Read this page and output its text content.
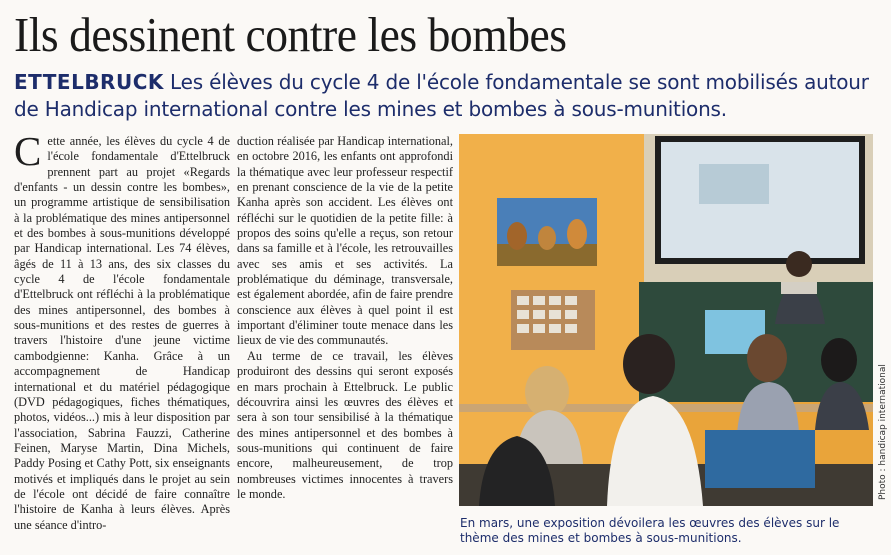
Ils dessinent contre les bombes

ETTELBRUCK Les élèves du cycle 4 de l'école fondamentale se sont mobilisés autour de Handicap international contre les mines et bombes à sous-munitions.

Cette année, les élèves du cycle 4 de l'école fondamentale d'Ettelbruck prennent part au projet «Regards d'enfants - un dessin contre les bombes», un programme artistique de sensibilisation à la problématique des mines antipersonnel et des bombes à sous-munitions développé par Handicap international. Les 74 élèves, âgés de 11 à 13 ans, des six classes du cycle 4 de l'école fondamentale d'Ettelbruck ont réfléchi à la problématique des mines antipersonnel, des bombes à sous-munitions et des restes de guerres à travers l'histoire d'une jeune victime cambodgienne: Kanha. Grâce à un accompagnement de Handicap international et du matériel pédagogique (DVD pédagogiques, fiches thématiques, photos, vidéos...) mis à leur disposition par l'association, Sabrina Fauzzi, Catherine Feinen, Maryse Martin, Dina Michels, Paddy Posing et Cathy Pott, six enseignants motivés et impliqués dans le projet au sein de l'école ont décidé de faire connaître l'histoire de Kanha à leurs élèves. Après une séance d'intro-

duction réalisée par Handicap international, en octobre 2016, les enfants ont approfondi la thématique avec leur professeur respectif en prenant conscience de la vie de la petite Kanha après son accident. Les élèves ont réfléchi sur le quotidien de la petite fille: à propos des soins qu'elle a reçus, son retour dans sa famille et à l'école, les retrouvailles avec ses amis et ses activités. La problématique du déminage, transversale, est également abordée, afin de faire prendre conscience aux élèves à quel point il est important d'éliminer toute menace dans les lieux de vie des communautés.

Au terme de ce travail, les élèves produiront des dessins qui seront exposés en mars prochain à Ettelbruck. Le public découvrira ainsi les œuvres des élèves et sera à son tour sensibilisé à la thématique des mines antipersonnel et des bombes à sous-munitions qui continuent de faire encore, malheureusement, de trop nombreuses victimes innocentes à travers le monde.	Photo : handicap international

En mars, une exposition dévoilera les œuvres des élèves sur le thème des mines et bombes à sous-munitions.
